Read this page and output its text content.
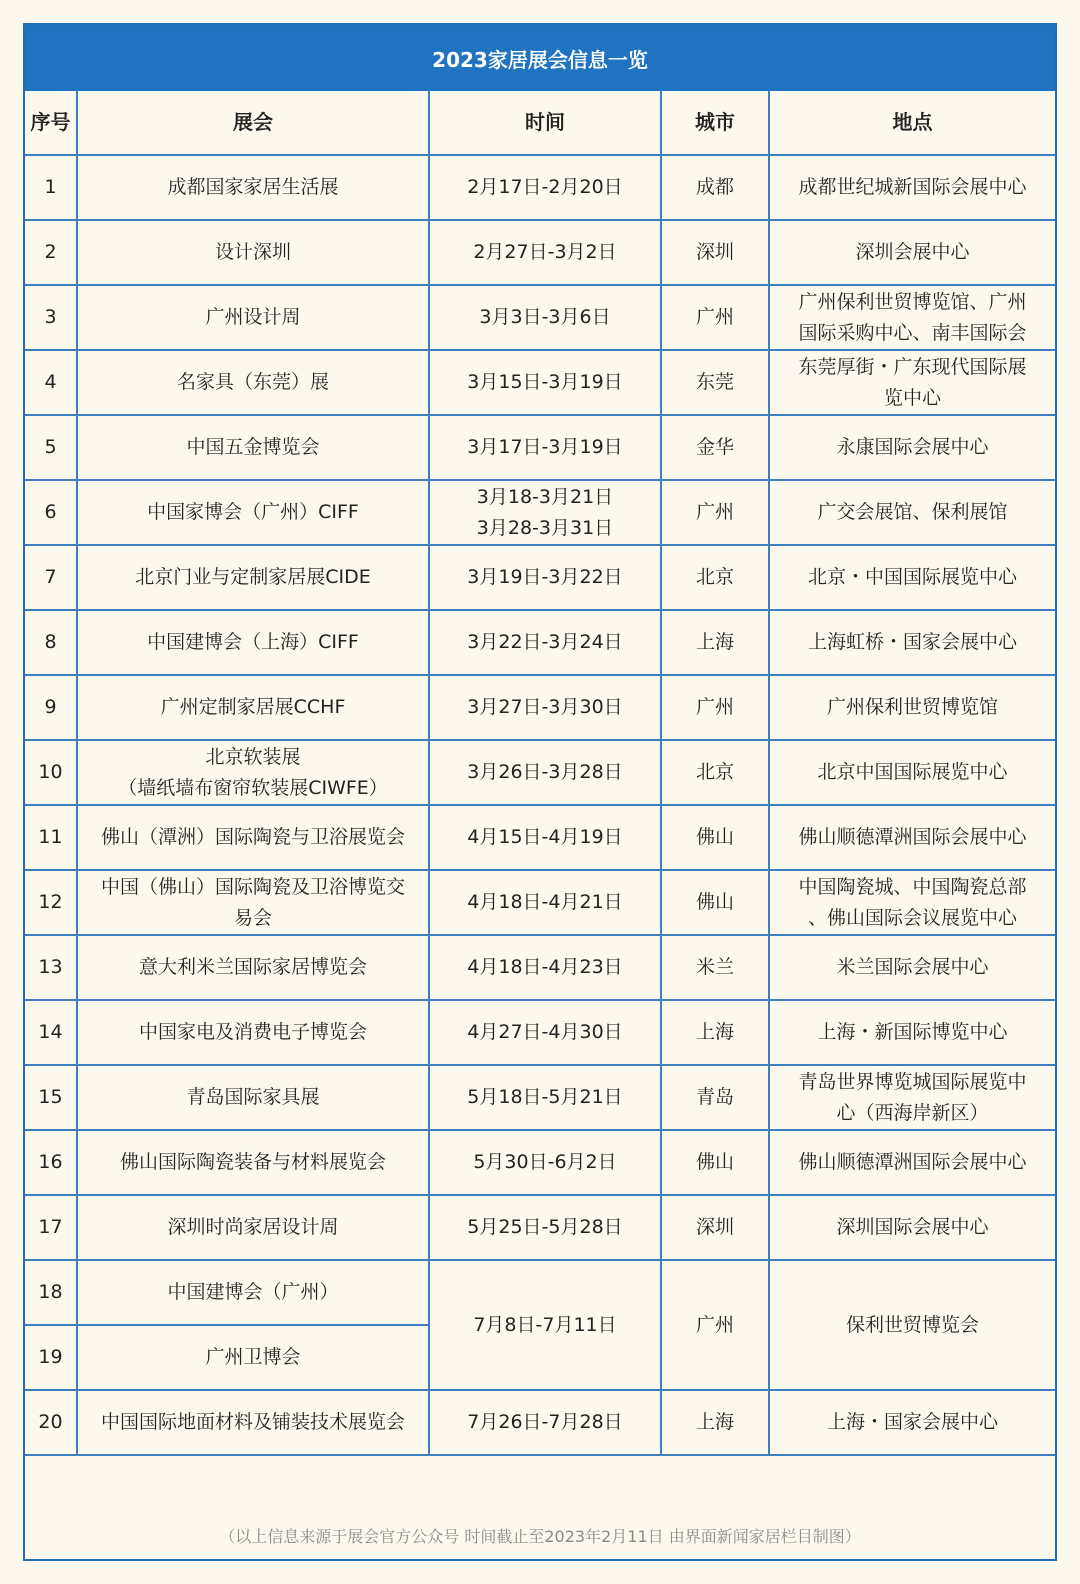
2023家居展会信息一览
序号	展会	时间	城市	地点
1	成都国家家居生活展	2月17日-2月20日	成都	成都世纪城新国际会展中心
2	设计深圳	2月27日-3月2日	深圳	深圳会展中心
3	广州设计周	3月3日-3月6日	广州	广州保利世贸博览馆、广州
国际采购中心、南丰国际会
4	名家具（东莞）展	3月15日-3月19日	东莞	东莞厚街・广东现代国际展
览中心
5	中国五金博览会	3月17日-3月19日	金华	永康国际会展中心
6	中国家博会（广州）CIFF	3月18-3月21日
3月28-3月31日	广州	广交会展馆、保利展馆
7	北京门业与定制家居展CIDE	3月19日-3月22日	北京	北京・中国国际展览中心
8	中国建博会（上海）CIFF	3月22日-3月24日	上海	上海虹桥・国家会展中心
9	广州定制家居展CCHF	3月27日-3月30日	广州	广州保利世贸博览馆
10	北京软装展
（墙纸墙布窗帘软装展CIWFE）	3月26日-3月28日	北京	北京中国国际展览中心
11	佛山（潭洲）国际陶瓷与卫浴展览会	4月15日-4月19日	佛山	佛山顺德潭洲国际会展中心
12	中国（佛山）国际陶瓷及卫浴博览交
易会	4月18日-4月21日	佛山	中国陶瓷城、中国陶瓷总部
、佛山国际会议展览中心
13	意大利米兰国际家居博览会	4月18日-4月23日	米兰	米兰国际会展中心
14	中国家电及消费电子博览会	4月27日-4月30日	上海	上海・新国际博览中心
15	青岛国际家具展	5月18日-5月21日	青岛	青岛世界博览城国际展览中
心（西海岸新区）
16	佛山国际陶瓷装备与材料展览会	5月30日-6月2日	佛山	佛山顺德潭洲国际会展中心
17	深圳时尚家居设计周	5月25日-5月28日	深圳	深圳国际会展中心
18	中国建博会（广州）	7月8日-7月11日	广州	保利世贸博览会
19	广州卫博会			
20	中国国际地面材料及铺装技术展览会	7月26日-7月28日	上海	上海・国家会展中心
（以上信息来源于展会官方公众号 时间截止至2023年2月11日 由界面新闻家居栏目制图）
